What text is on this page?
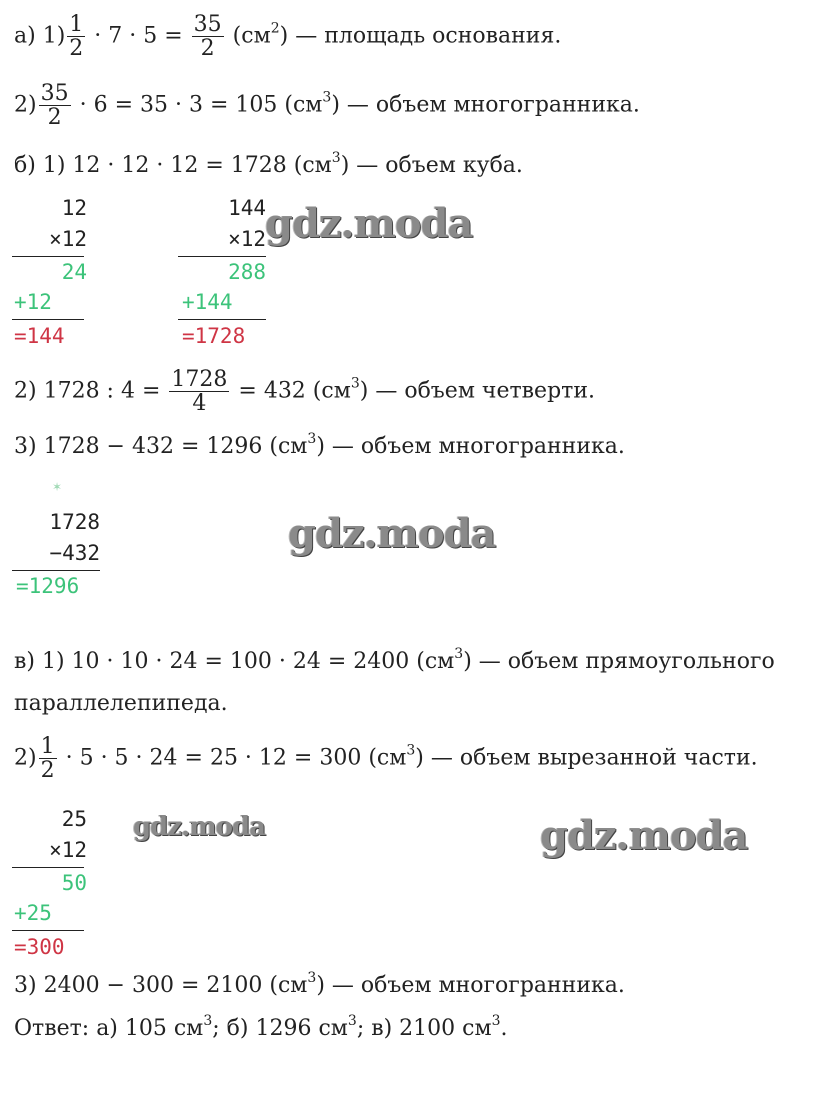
а) $1) \frac{1}{2} \cdot 7 \cdot 5 = \frac{35}{2} (см^2)$ — площадь основания.
$2) \frac{35}{2} \cdot 6 = 35 \cdot 3 = 105$ $(см^3)$ — объем многогранника.
б) 1) 12 · 12 · 12 = 1728 $(см^3)$ — объем куба.
12
×12
24
+12
=144
144
×12
288
+144
=1728
gdz.moda
2) 1728 : $4 = \frac{1728}{4} = 432$ $(см^3)$ — объем четверти.
3) 1728 − 432 = 1296 $(см^3)$ — объем многогранника.
✶
1728
−432
=1296
gdz.moda
в) 1) 10 · 10 · 24 = 100 · 24 = 2400 $(см^3)$ — объем прямоугольного
параллелепипеда.
$2) \frac{1}{2} \cdot 5 \cdot 5 \cdot 24 = 25 \cdot 12 = 300$ $(см^3)$ — объем вырезанной части.
25
×12
50
+25
=300
gdz.moda	gdz.moda
3) 2400 − 300 = 2100 $(см^3)$ — объем многогранника.
Ответ: а) 105 $см^3$; б) 1296 $см^3$; в) 2100 $см^3$.
